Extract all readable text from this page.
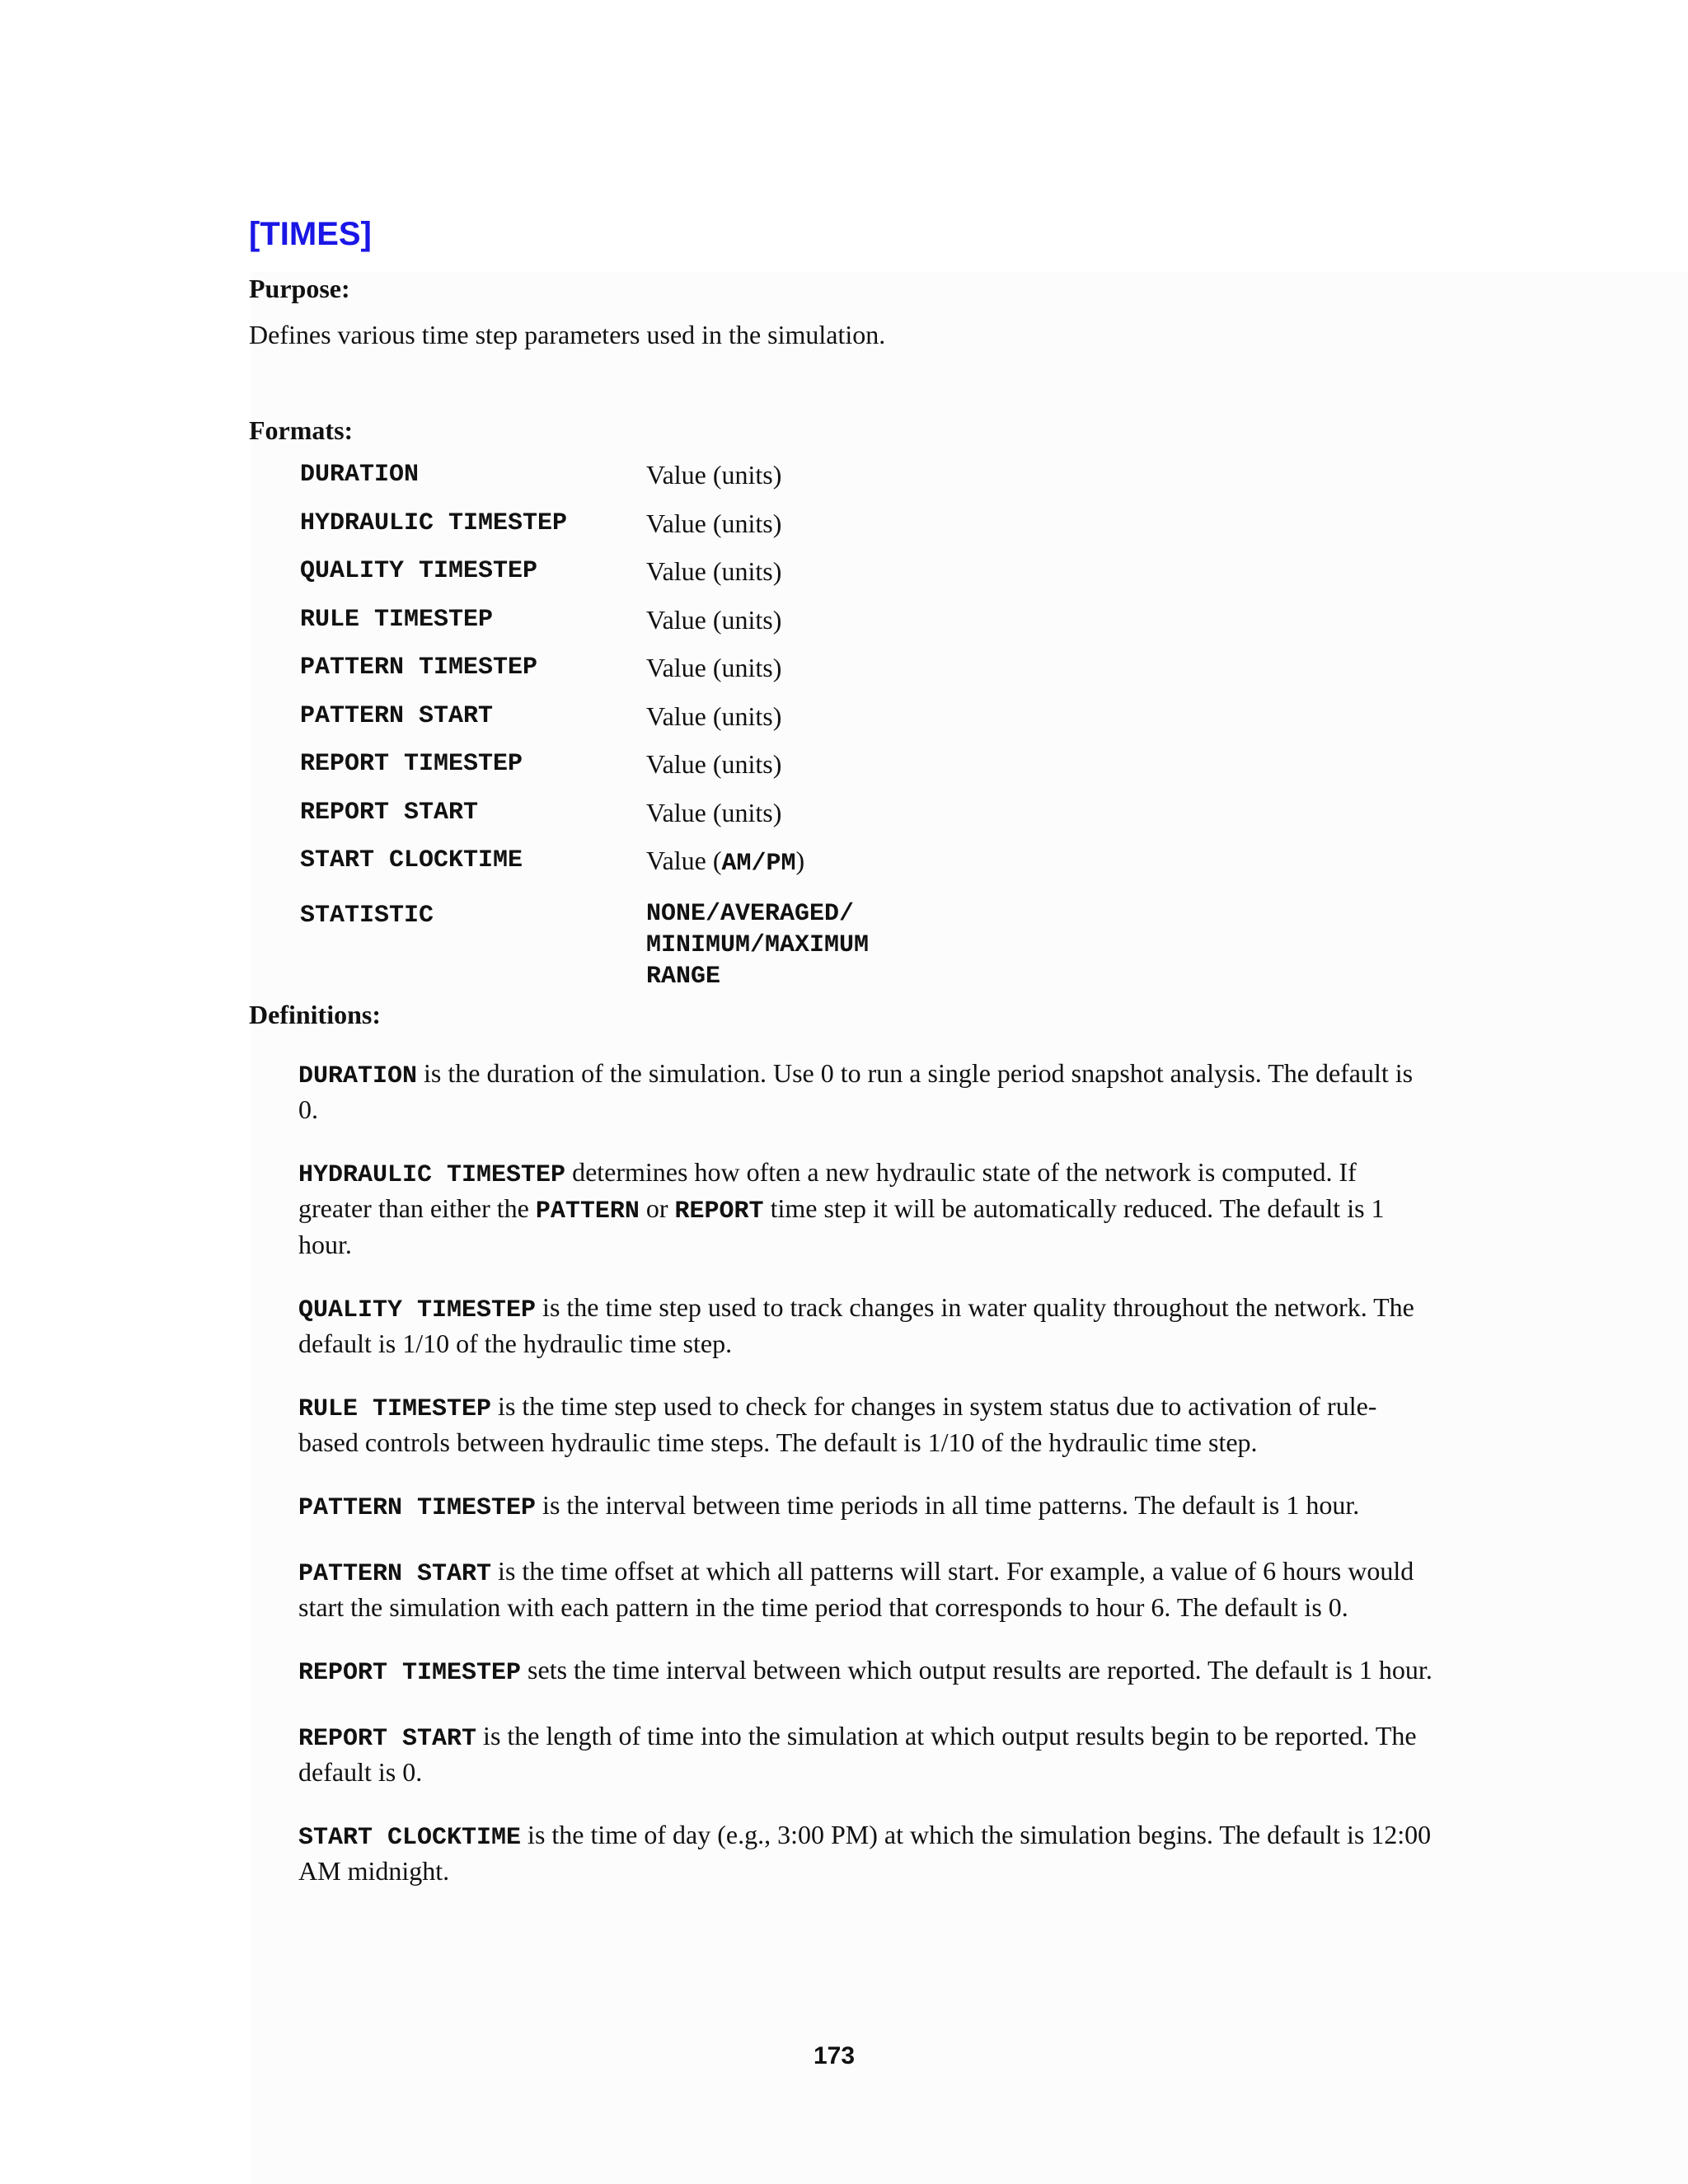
[TIMES]
Purpose:
Defines various time step parameters used in the simulation.
Formats:
DURATION	Value (units)
HYDRAULIC TIMESTEP	Value (units)
QUALITY TIMESTEP	Value (units)
RULE TIMESTEP	Value (units)
PATTERN TIMESTEP	Value (units)
PATTERN START	Value (units)
REPORT TIMESTEP	Value (units)
REPORT START	Value (units)
START CLOCKTIME	Value (AM/PM)
STATISTIC	NONE/AVERAGED/
MINIMUM/MAXIMUM
RANGE
Definitions:

DURATION is the duration of the simulation. Use 0 to run a single period snapshot analysis. The default is 0.

HYDRAULIC TIMESTEP determines how often a new hydraulic state of the network is computed. If greater than either the PATTERN or REPORT time step it will be automatically reduced. The default is 1 hour.

QUALITY TIMESTEP is the time step used to track changes in water quality throughout the network. The default is 1/10 of the hydraulic time step.

RULE TIMESTEP is the time step used to check for changes in system status due to activation of rule-based controls between hydraulic time steps. The default is 1/10 of the hydraulic time step.

PATTERN TIMESTEP is the interval between time periods in all time patterns. The default is 1 hour.

PATTERN START is the time offset at which all patterns will start. For example, a value of 6 hours would start the simulation with each pattern in the time period that corresponds to hour 6. The default is 0.

REPORT TIMESTEP sets the time interval between which output results are reported. The default is 1 hour.

REPORT START is the length of time into the simulation at which output results begin to be reported. The default is 0.

START CLOCKTIME is the time of day (e.g., 3:00 PM) at which the simulation begins. The default is 12:00 AM midnight.

173
